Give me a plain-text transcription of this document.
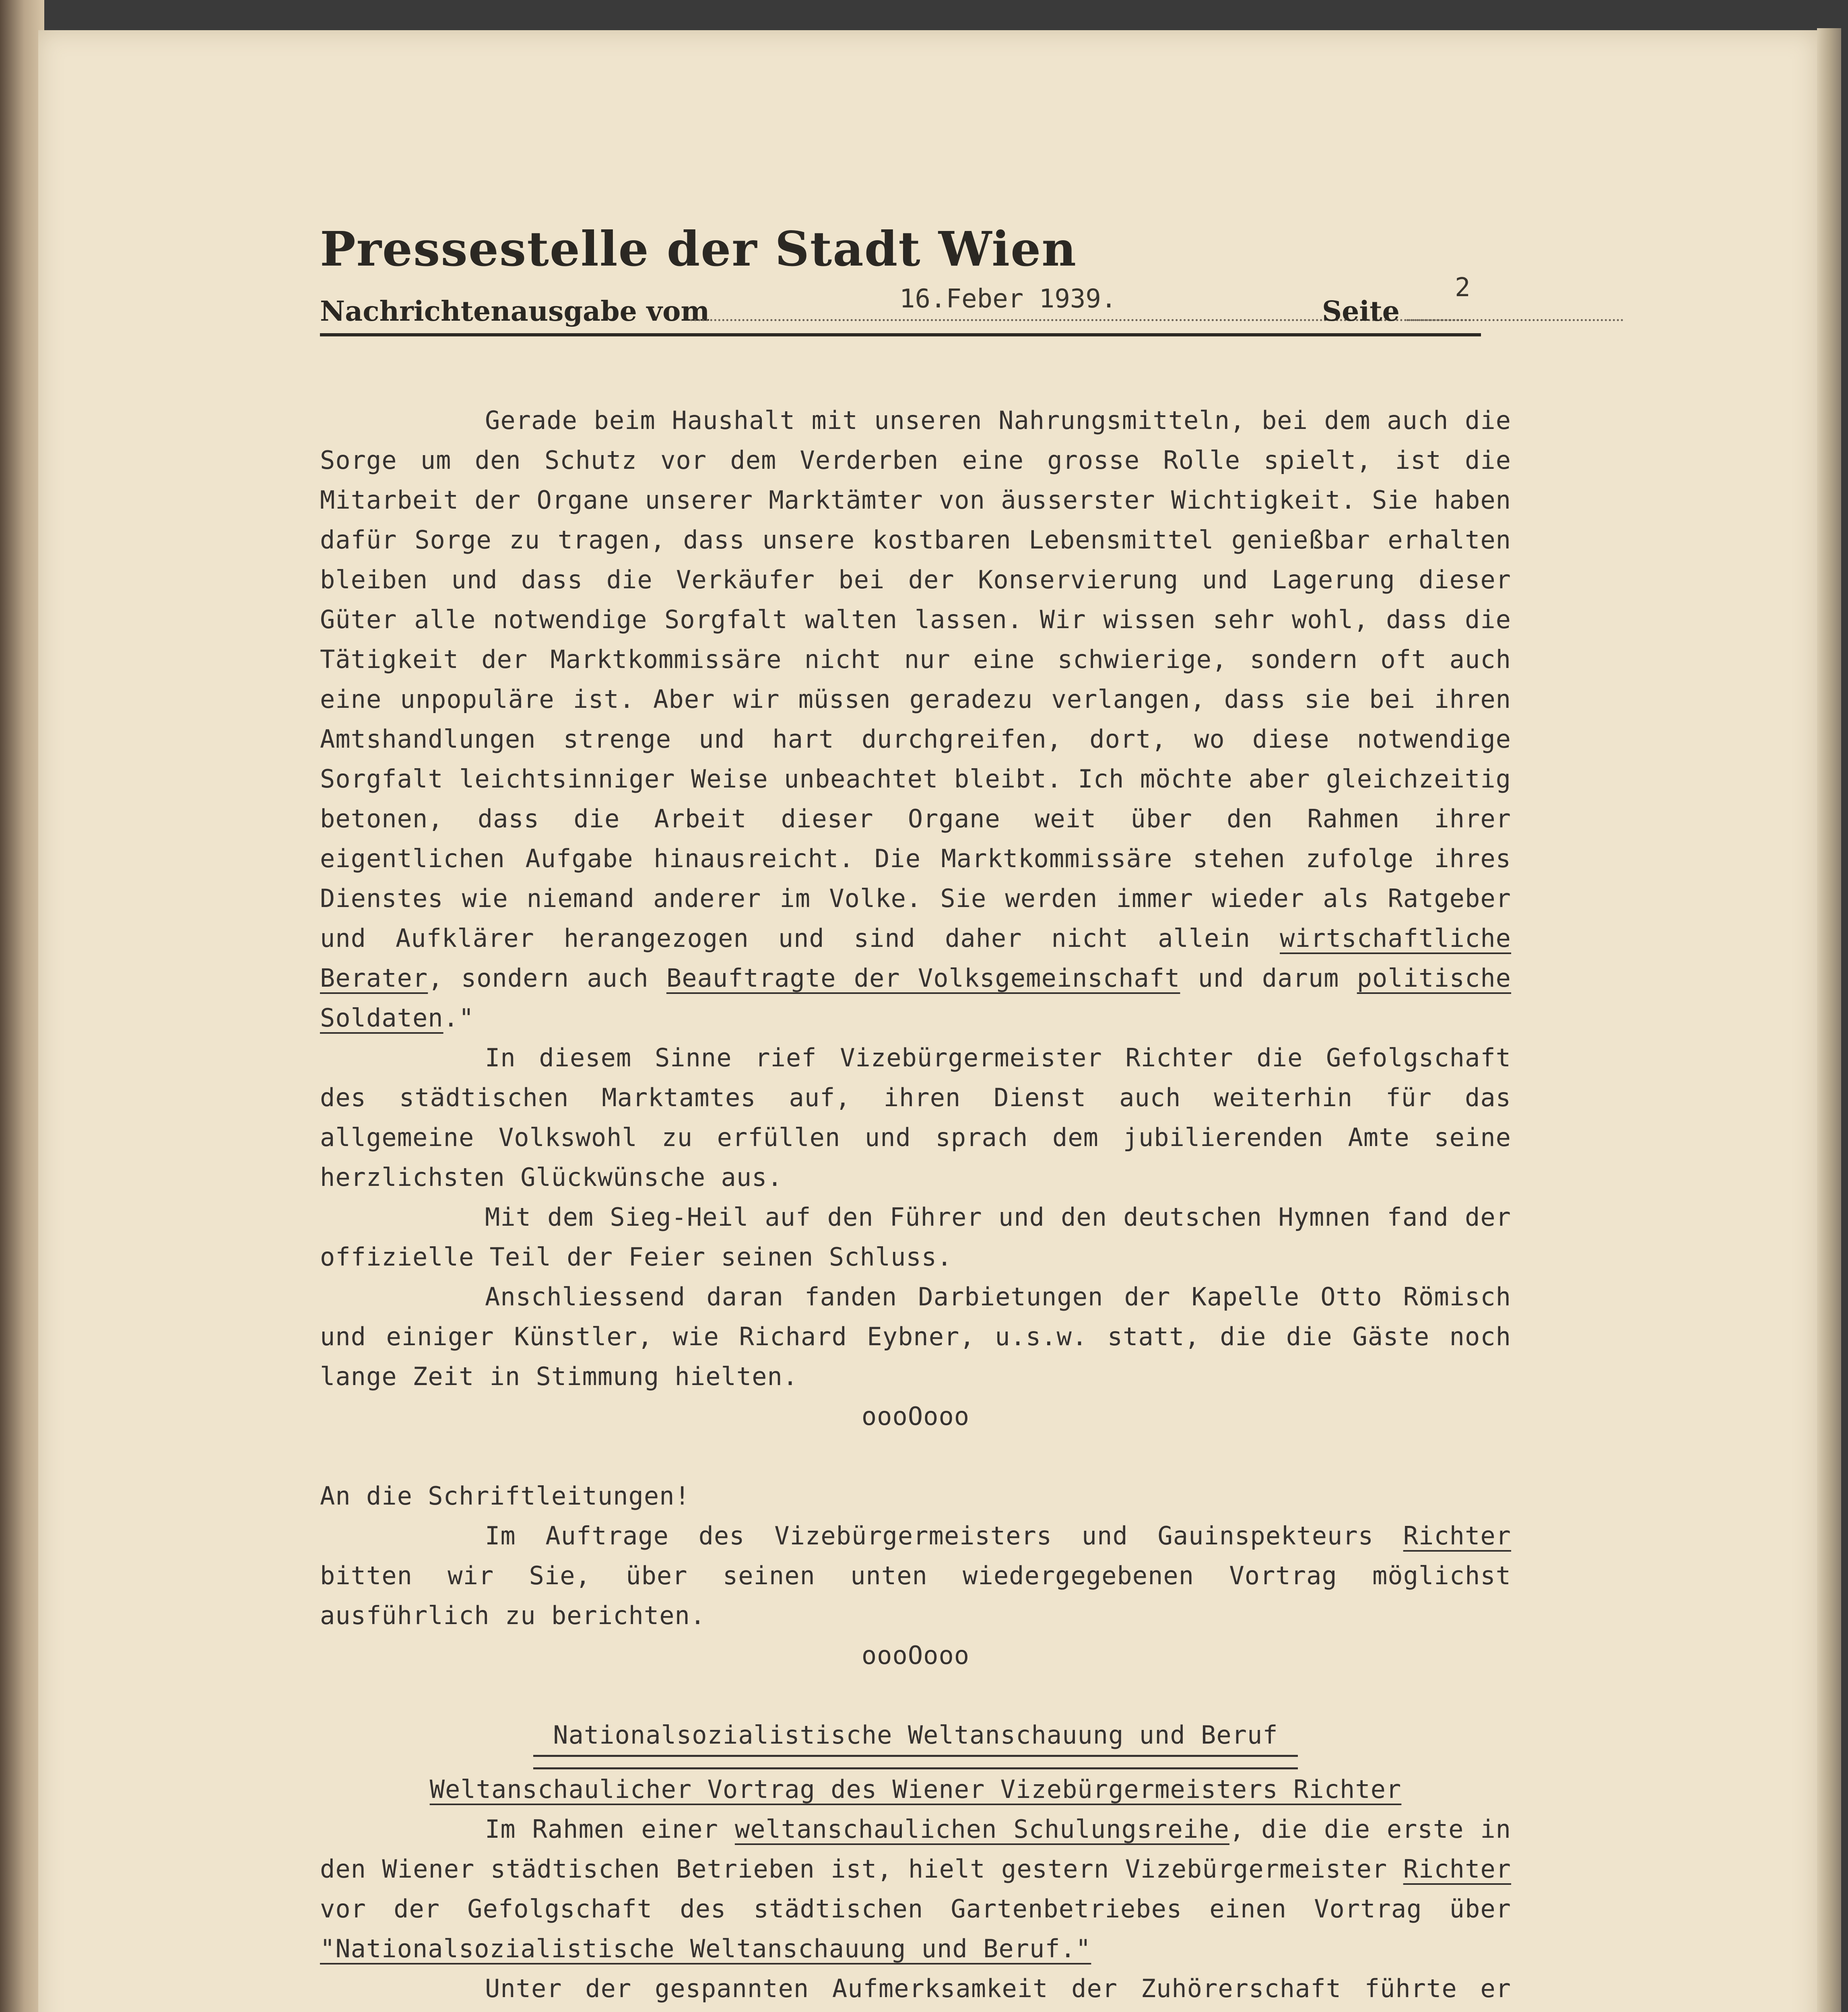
Pressestelle der Stadt Wien
Nachrichtenausgabe vom	16.Feber 1939.	Seite
2

Gerade beim Haushalt mit unseren Nahrungsmitteln, bei dem auch die Sorge um den Schutz vor dem Verderben eine grosse Rolle spielt, ist die Mitarbeit der Organe unserer Marktämter von äusserster Wichtigkeit. Sie haben dafür Sorge zu tragen, dass unsere kostbaren Lebensmittel genießbar erhalten bleiben und dass die Verkäufer bei der Konservierung und Lagerung dieser Güter alle notwendige Sorgfalt walten lassen. Wir wissen sehr wohl, dass die Tätigkeit der Marktkommissäre nicht nur eine schwierige, sondern oft auch eine unpopuläre ist. Aber wir müssen geradezu verlangen, dass sie bei ihren Amtshandlungen strenge und hart durchgreifen, dort, wo diese notwendige Sorgfalt leichtsinniger Weise unbeachtet bleibt. Ich möchte aber gleichzeitig betonen, dass die Arbeit dieser Organe weit über den Rahmen ihrer eigentlichen Aufgabe hinausreicht. Die Marktkommissäre stehen zufolge ihres Dienstes wie niemand anderer im Volke. Sie werden immer wieder als Ratgeber und Aufklärer herangezogen und sind daher nicht allein wirtschaftliche Berater, sondern auch Beauftragte der Volksgemeinschaft und darum politische Soldaten."

In diesem Sinne rief Vizebürgermeister Richter die Gefolgschaft des städtischen Marktamtes auf, ihren Dienst auch weiterhin für das allgemeine Volkswohl zu erfüllen und sprach dem jubilierenden Amte seine herzlichsten Glückwünsche aus.

Mit dem Sieg-Heil auf den Führer und den deutschen Hymnen fand der offizielle Teil der Feier seinen Schluss.

Anschliessend daran fanden Darbietungen der Kapelle Otto Römisch und einiger Künstler, wie Richard Eybner, u.s.w. statt, die die Gäste noch lange Zeit in Stimmung hielten.

oooOooo

An die Schriftleitungen!

Im Auftrage des Vizebürgermeisters und Gauinspekteurs Richter bitten wir Sie, über seinen unten wiedergegebenen Vortrag möglichst ausführlich zu berichten.

oooOooo

Nationalsozialistische Weltanschauung und Beruf

Weltanschaulicher Vortrag des Wiener Vizebürgermeisters Richter

Im Rahmen einer weltanschaulichen Schulungsreihe, die die erste in den Wiener städtischen Betrieben ist, hielt gestern Vizebürgermeister Richter vor der Gefolgschaft des städtischen Gartenbetriebes einen Vortrag über "Nationalsozialistische Weltanschauung und Beruf."

Unter der gespannten Aufmerksamkeit der Zuhörerschaft führte er
